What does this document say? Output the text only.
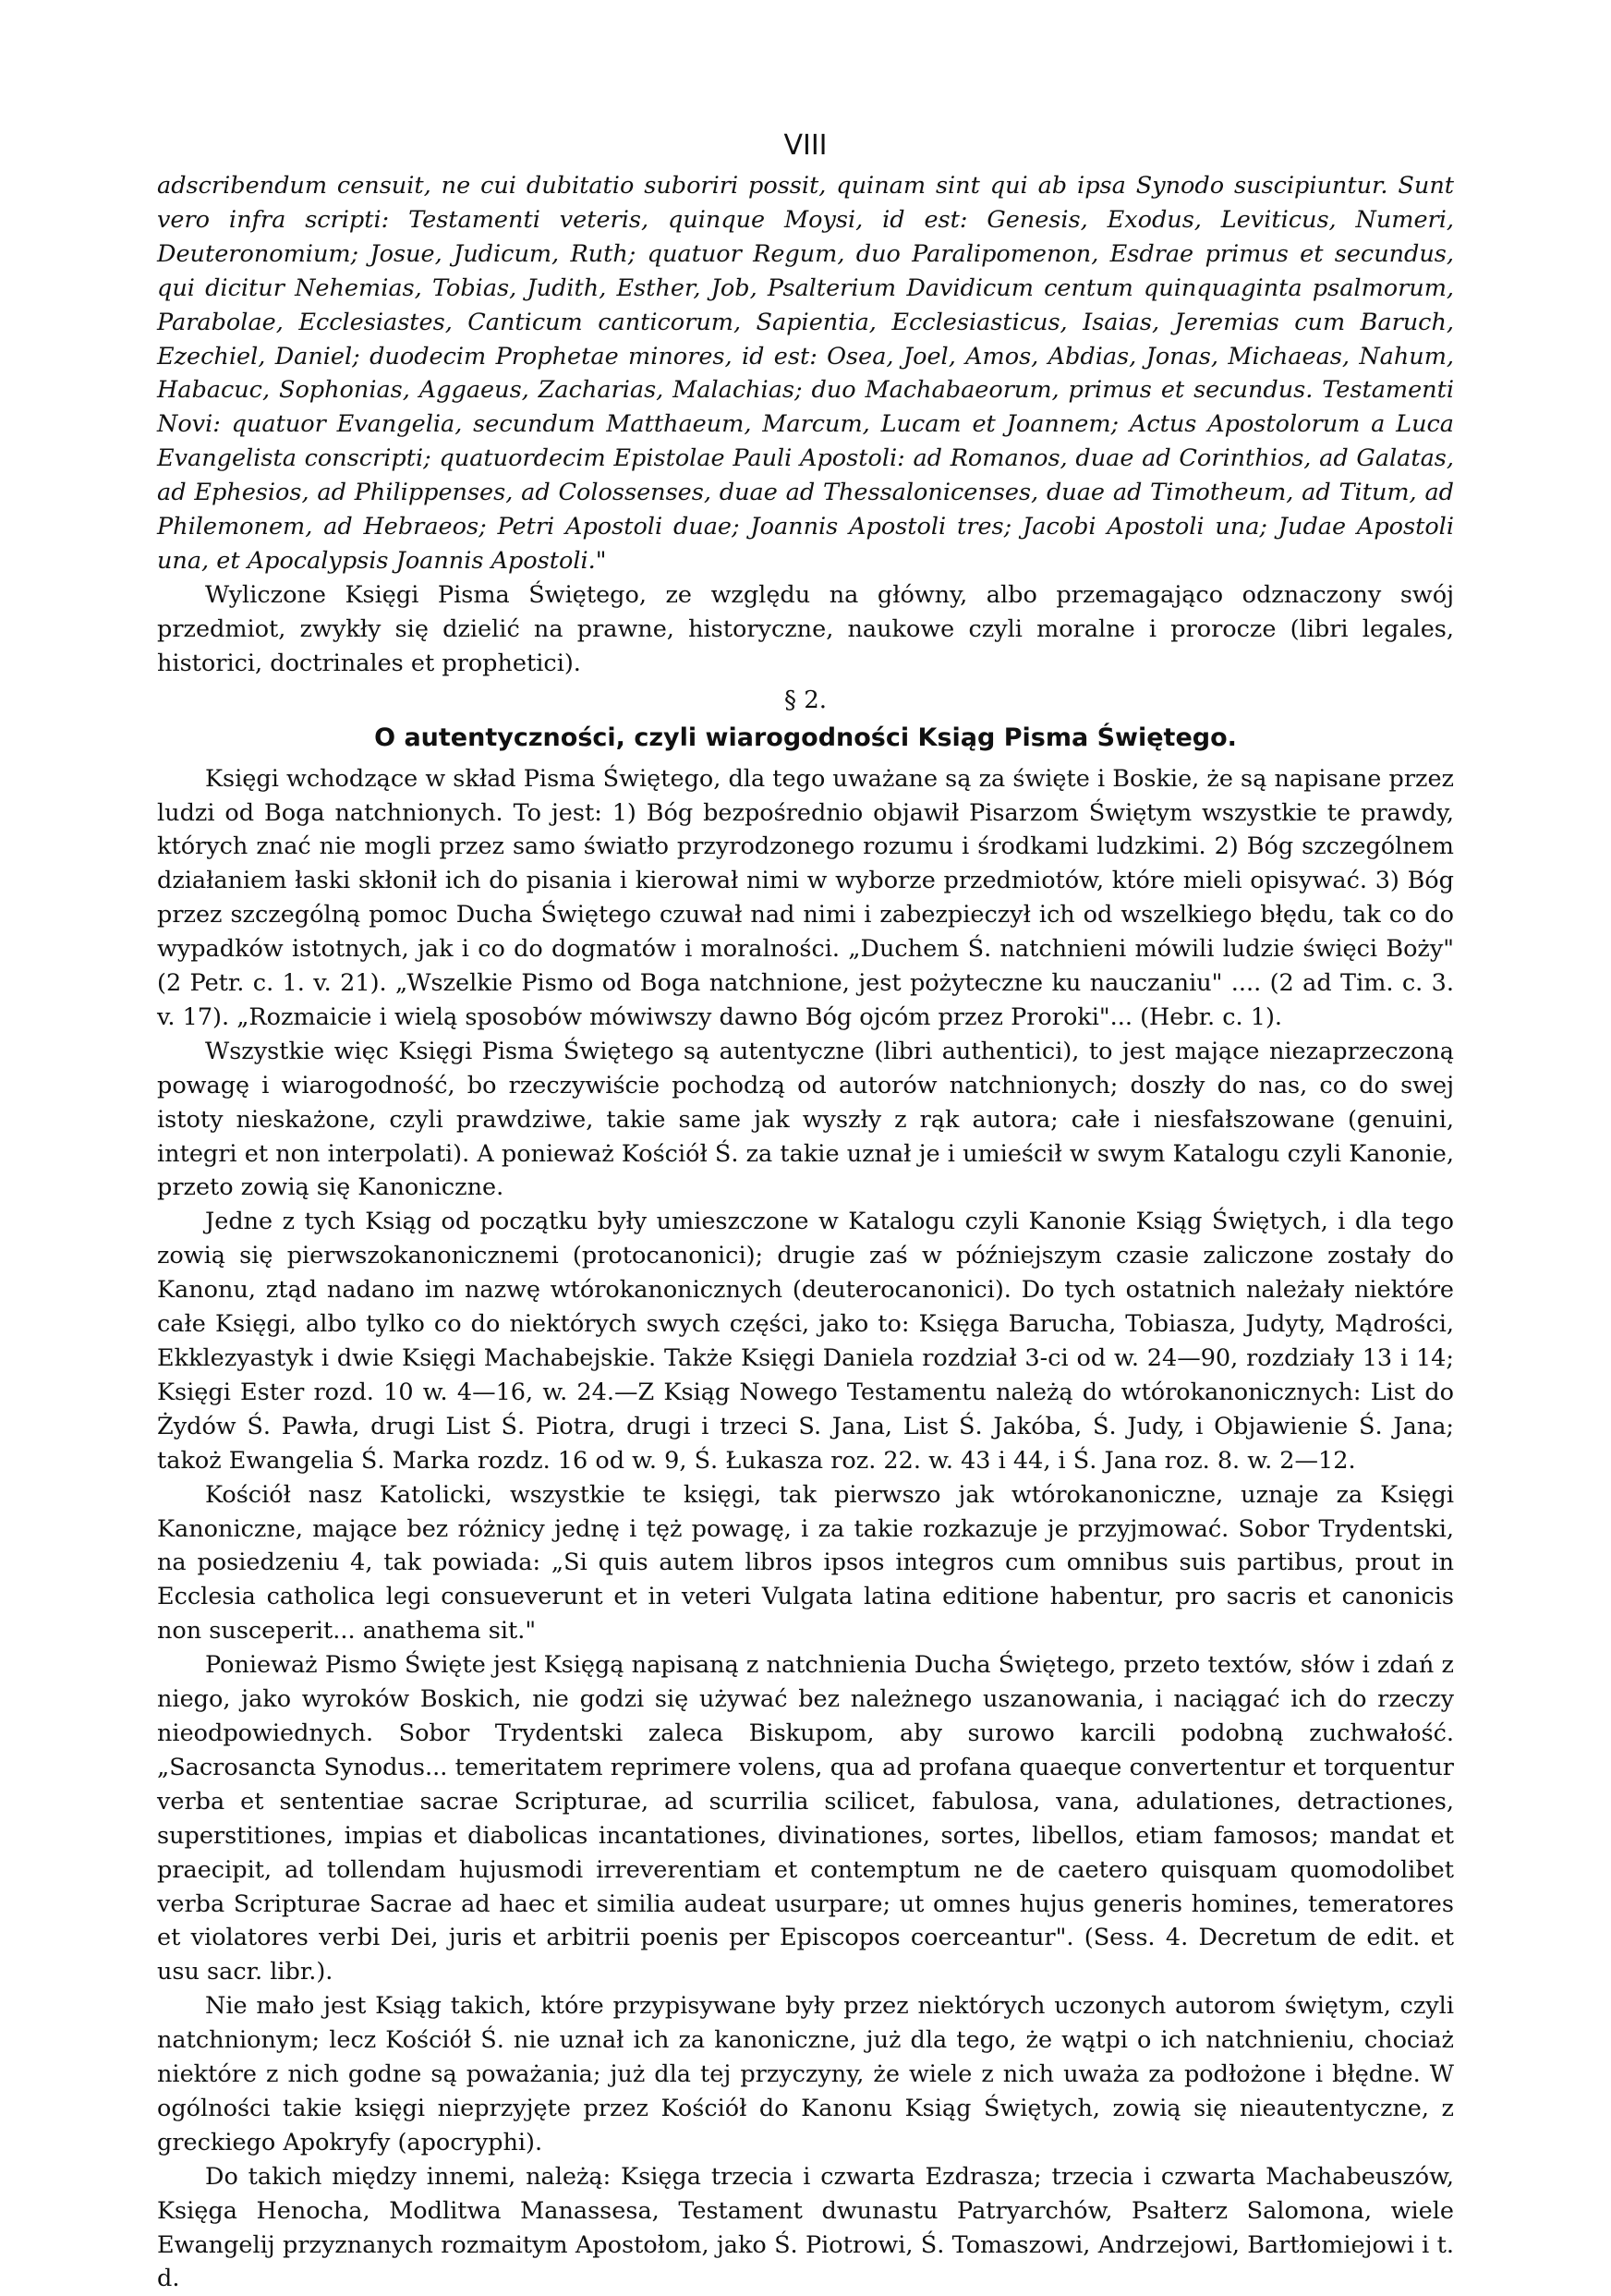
VIII

adscribendum censuit, ne cui dubitatio suboriri possit, quinam sint qui ab ipsa Synodo suscipiuntur. Sunt vero infra scripti: Testamenti veteris, quinque Moysi, id est: Genesis, Exodus, Leviticus, Numeri, Deuteronomium; Josue, Judicum, Ruth; quatuor Regum, duo Paralipomenon, Esdrae primus et secundus, qui dicitur Nehemias, Tobias, Judith, Esther, Job, Psalterium Davidicum centum quinquaginta psalmorum, Parabolae, Ecclesiastes, Canticum canticorum, Sapientia, Ecclesiasticus, Isaias, Jeremias cum Baruch, Ezechiel, Daniel; duodecim Prophetae minores, id est: Osea, Joel, Amos, Abdias, Jonas, Michaeas, Nahum, Habacuc, Sophonias, Aggaeus, Zacharias, Malachias; duo Machabaeorum, primus et secundus. Testamenti Novi: quatuor Evangelia, secundum Matthaeum, Marcum, Lucam et Joannem; Actus Apostolorum a Luca Evangelista conscripti; quatuordecim Epistolae Pauli Apostoli: ad Romanos, duae ad Corinthios, ad Galatas, ad Ephesios, ad Philippenses, ad Colossenses, duae ad Thessalonicenses, duae ad Timotheum, ad Titum, ad Philemonem, ad Hebraeos; Petri Apostoli duae; Joannis Apostoli tres; Jacobi Apostoli una; Judae Apostoli una, et Apocalypsis Joannis Apostoli."

Wyliczone Księgi Pisma Świętego, ze względu na główny, albo przemagająco odznaczony swój przedmiot, zwykły się dzielić na prawne, historyczne, naukowe czyli moralne i prorocze (libri legales, historici, doctrinales et prophetici).

§ 2.
O autentyczności, czyli wiarogodności Ksiąg Pisma Świętego.

Księgi wchodzące w skład Pisma Świętego, dla tego uważane są za święte i Boskie, że są napisane przez ludzi od Boga natchnionych. To jest: 1) Bóg bezpośrednio objawił Pisarzom Świętym wszystkie te prawdy, których znać nie mogli przez samo światło przyrodzonego rozumu i środkami ludzkimi. 2) Bóg szczególnem działaniem łaski skłonił ich do pisania i kierował nimi w wyborze przedmiotów, które mieli opisywać. 3) Bóg przez szczególną pomoc Ducha Świętego czuwał nad nimi i zabezpieczył ich od wszelkiego błędu, tak co do wypadków istotnych, jak i co do dogmatów i moralności. „Duchem Ś. natchnieni mówili ludzie święci Boży" (2 Petr. c. 1. v. 21). „Wszelkie Pismo od Boga natchnione, jest pożyteczne ku nauczaniu" .... (2 ad Tim. c. 3. v. 17). „Rozmaicie i wielą sposobów mówiwszy dawno Bóg ojcóm przez Proroki"... (Hebr. c. 1).

Wszystkie więc Księgi Pisma Świętego są autentyczne (libri authentici), to jest mające niezaprzeczoną powagę i wiarogodność, bo rzeczywiście pochodzą od autorów natchnionych; doszły do nas, co do swej istoty nieskażone, czyli prawdziwe, takie same jak wyszły z rąk autora; całe i niesfałszowane (genuini, integri et non interpolati). A ponieważ Kościół Ś. za takie uznał je i umieścił w swym Katalogu czyli Kanonie, przeto zowią się Kanoniczne.

Jedne z tych Ksiąg od początku były umieszczone w Katalogu czyli Kanonie Ksiąg Świętych, i dla tego zowią się pierwszokanonicznemi (protocanonici); drugie zaś w późniejszym czasie zaliczone zostały do Kanonu, ztąd nadano im nazwę wtórokanonicznych (deuterocanonici). Do tych ostatnich należały niektóre całe Księgi, albo tylko co do niektórych swych części, jako to: Księga Barucha, Tobiasza, Judyty, Mądrości, Ekklezyastyk i dwie Księgi Machabejskie. Także Księgi Daniela rozdział 3-ci od w. 24—90, rozdziały 13 i 14; Księgi Ester rozd. 10 w. 4—16, w. 24.—Z Ksiąg Nowego Testamentu należą do wtórokanonicznych: List do Żydów Ś. Pawła, drugi List Ś. Piotra, drugi i trzeci S. Jana, List Ś. Jakóba, Ś. Judy, i Objawienie Ś. Jana; takoż Ewangelia Ś. Marka rozdz. 16 od w. 9, Ś. Łukasza roz. 22. w. 43 i 44, i Ś. Jana roz. 8. w. 2—12.

Kościół nasz Katolicki, wszystkie te księgi, tak pierwszo jak wtórokanoniczne, uznaje za Księgi Kanoniczne, mające bez różnicy jednę i tęż powagę, i za takie rozkazuje je przyjmować. Sobor Trydentski, na posiedzeniu 4, tak powiada: „Si quis autem libros ipsos integros cum omnibus suis partibus, prout in Ecclesia catholica legi consueverunt et in veteri Vulgata latina editione habentur, pro sacris et canonicis non susceperit... anathema sit."

Ponieważ Pismo Święte jest Księgą napisaną z natchnienia Ducha Świętego, przeto textów, słów i zdań z niego, jako wyroków Boskich, nie godzi się używać bez należnego uszanowania, i naciągać ich do rzeczy nieodpowiednych. Sobor Trydentski zaleca Biskupom, aby surowo karcili podobną zuchwałość. „Sacrosancta Synodus... temeritatem reprimere volens, qua ad profana quaeque convertentur et torquentur verba et sententiae sacrae Scripturae, ad scurrilia scilicet, fabulosa, vana, adulationes, detractiones, superstitiones, impias et diabolicas incantationes, divinationes, sortes, libellos, etiam famosos; mandat et praecipit, ad tollendam hujusmodi irreverentiam et contemptum ne de caetero quisquam quomodolibet verba Scripturae Sacrae ad haec et similia audeat usurpare; ut omnes hujus generis homines, temeratores et violatores verbi Dei, juris et arbitrii poenis per Episcopos coerceantur". (Sess. 4. Decretum de edit. et usu sacr. libr.).

Nie mało jest Ksiąg takich, które przypisywane były przez niektórych uczonych autorom świętym, czyli natchnionym; lecz Kościół Ś. nie uznał ich za kanoniczne, już dla tego, że wątpi o ich natchnieniu, chociaż niektóre z nich godne są poważania; już dla tej przyczyny, że wiele z nich uważa za podłożone i błędne. W ogólności takie księgi nieprzyjęte przez Kościół do Kanonu Ksiąg Świętych, zowią się nieautentyczne, z greckiego Apokryfy (apocryphi).

Do takich między innemi, należą: Księga trzecia i czwarta Ezdrasza; trzecia i czwarta Machabeuszów, Księga Henocha, Modlitwa Manassesa, Testament dwunastu Patryarchów, Psałterz Salomona, wiele Ewangelij przyznanych rozmaitym Apostołom, jako Ś. Piotrowi, Ś. Tomaszowi, Andrzejowi, Bartłomiejowi i t. d.
